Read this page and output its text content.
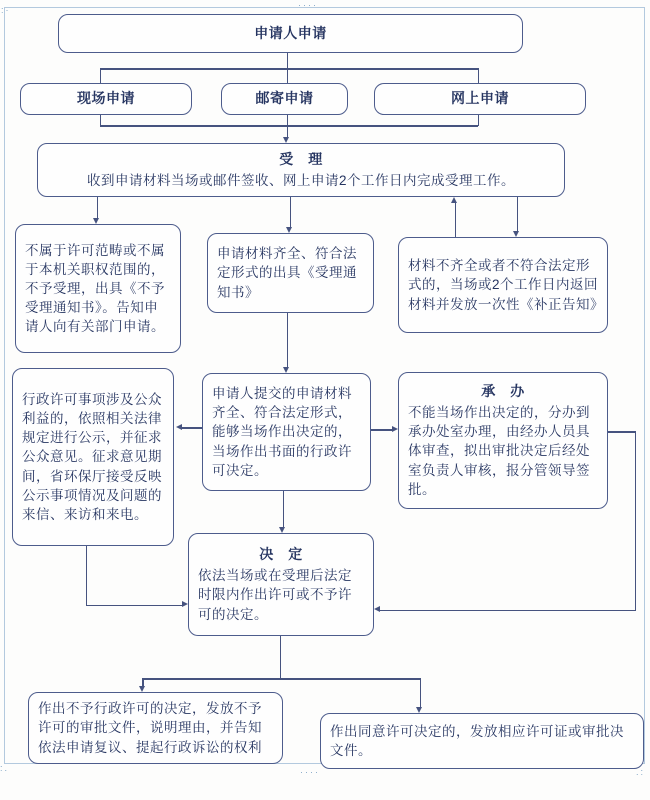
····
:·
····
:.	.:
申请人申请
现场申请	邮寄申请	网上申请
受　理
收到申请材料当场或邮件签收、网上申请2个工作日内完成受理工作。
不属于许可范畴或不属于本机关职权范围的，不予受理，出具《不予受理通知书》。告知申请人向有关部门申请。
申请材料齐全、符合法定形式的出具《受理通知书》
材料不齐全或者不符合法定形式的，当场或2个工作日内返回材料并发放一次性《补正告知》
行政许可事项涉及公众利益的，依照相关法律规定进行公示，并征求公众意见。征求意见期间，省环保厅接受反映公示事项情况及问题的来信、来访和来电。
申请人提交的申请材料齐全、符合法定形式，能够当场作出决定的，当场作出书面的行政许可决定。
承　办
不能当场作出决定的，分办到承办处室办理，由经办人员具体审查，拟出审批决定后经处室负责人审核，报分管领导签批。
决　定
依法当场或在受理后法定时限内作出许可或不予许可的决定。
作出不予行政许可的决定，发放不予许可的审批文件，说明理由，并告知依法申请复议、提起行政诉讼的权利
作出同意许可决定的，发放相应许可证或审批决文件。
